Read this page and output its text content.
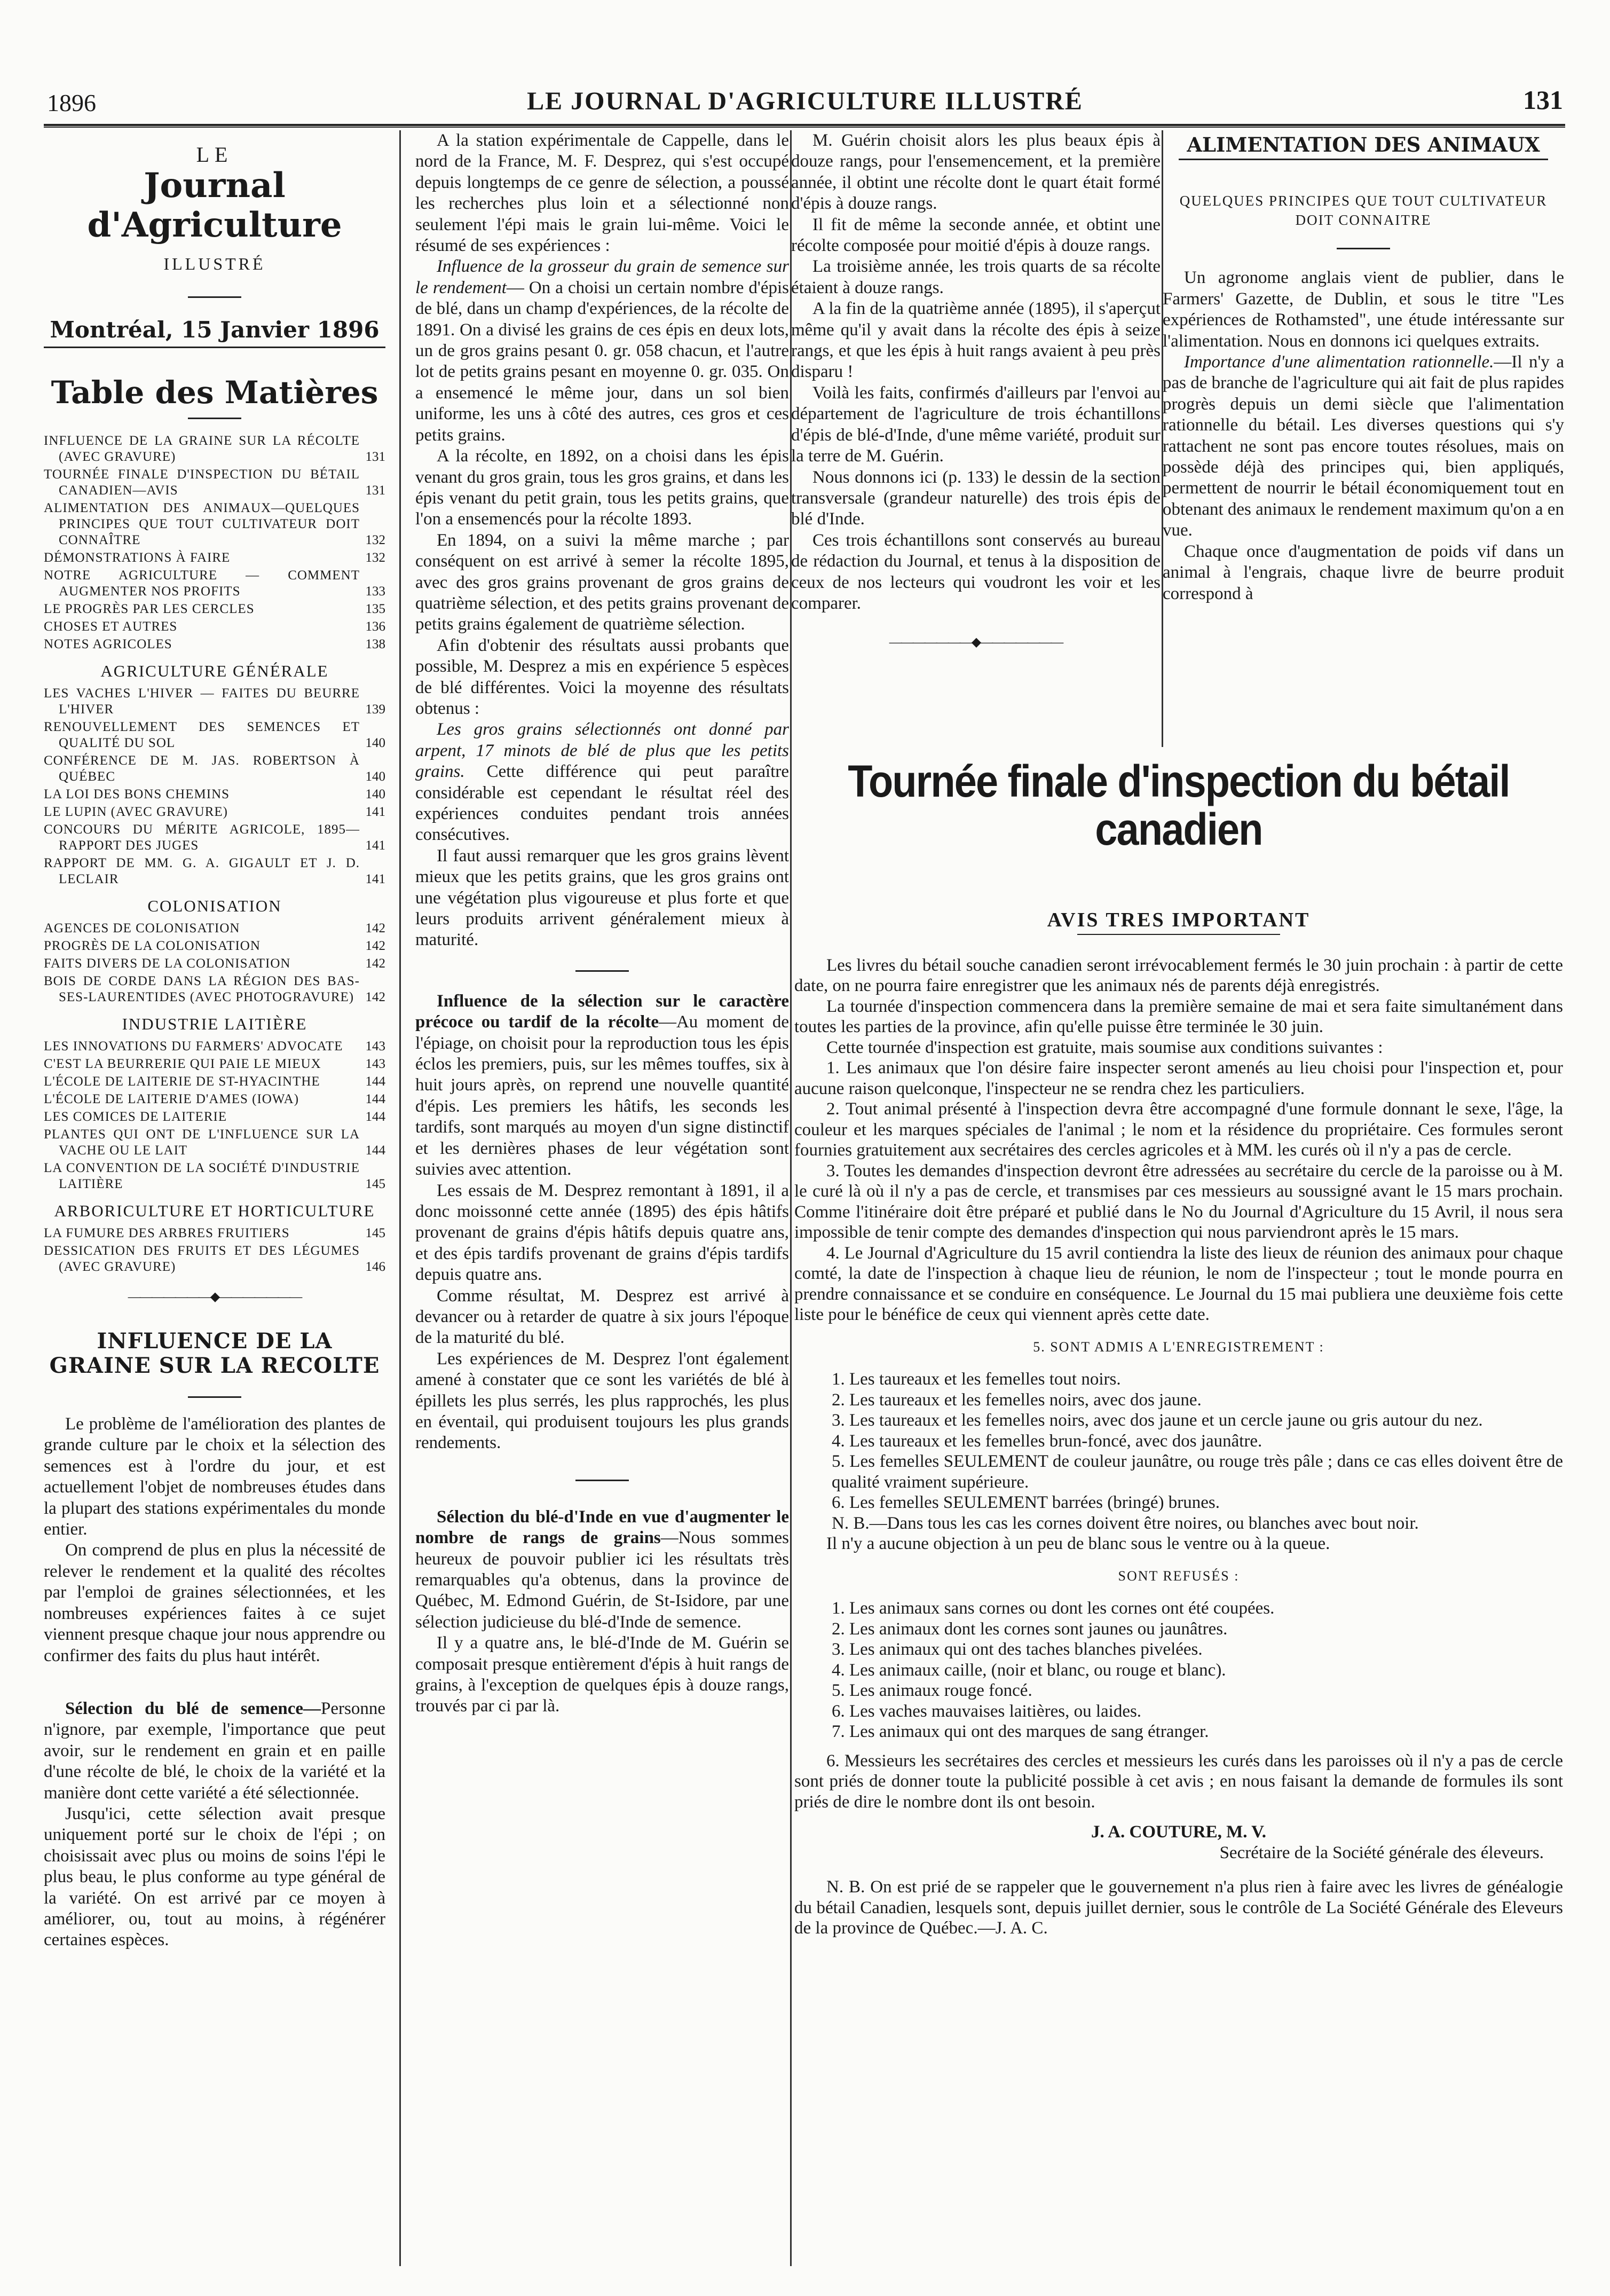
1896	LE JOURNAL D'AGRICULTURE ILLUSTRÉ	131
LE
Journal d'Agriculture
ILLUSTRÉ
Montréal, 15 Janvier 1896
Table des Matières
INFLUENCE DE LA GRAINE SUR LA RÉCOLTE (AVEC GRAVURE)	131
TOURNÉE FINALE D'INSPECTION DU BÉTAIL CANADIEN—AVIS	131
ALIMENTATION DES ANIMAUX—QUELQUES PRINCIPES QUE TOUT CULTIVATEUR DOIT CONNAÎTRE	132
DÉMONSTRATIONS À FAIRE	132
NOTRE AGRICULTURE — COMMENT AUGMENTER NOS PROFITS	133
LE PROGRÈS PAR LES CERCLES	135
CHOSES ET AUTRES	136
NOTES AGRICOLES	138
AGRICULTURE GÉNÉRALE
LES VACHES L'HIVER — FAITES DU BEURRE L'HIVER	139
RENOUVELLEMENT DES SEMENCES ET QUALITÉ DU SOL	140
CONFÉRENCE DE M. JAS. ROBERTSON À QUÉBEC	140
LA LOI DES BONS CHEMINS	140
LE LUPIN (AVEC GRAVURE)	141
CONCOURS DU MÉRITE AGRICOLE, 1895—RAPPORT DES JUGES	141
RAPPORT DE MM. G. A. GIGAULT ET J. D. LECLAIR	141
COLONISATION
AGENCES DE COLONISATION	142
PROGRÈS DE LA COLONISATION	142
FAITS DIVERS DE LA COLONISATION	142
BOIS DE CORDE DANS LA RÉGION DES BAS-SES-LAURENTIDES (AVEC PHOTOGRAVURE) 142
INDUSTRIE LAITIÈRE
LES INNOVATIONS DU FARMERS' ADVOCATE	143
C'EST LA BEURRERIE QUI PAIE LE MIEUX	143
L'ÉCOLE DE LAITERIE DE ST-HYACINTHE	144
L'ÉCOLE DE LAITERIE D'AMES (IOWA)	144
LES COMICES DE LAITERIE	144
PLANTES QUI ONT DE L'INFLUENCE SUR LA VACHE OU LE LAIT	144
LA CONVENTION DE LA SOCIÉTÉ D'INDUSTRIE LAITIÈRE	145
ARBORICULTURE ET HORTICULTURE
LA FUMURE DES ARBRES FRUITIERS	145
DESSICATION DES FRUITS ET DES LÉGUMES (AVEC GRAVURE)	146
———————◆———————
INFLUENCE DE LA GRAINE SUR LA RECOLTE

Le problème de l'amélioration des plantes de grande culture par le choix et la sélection des semences est à l'ordre du jour, et est actuellement l'objet de nombreuses études dans la plupart des stations expérimentales du monde entier.

On comprend de plus en plus la nécessité de relever le rendement et la qualité des récoltes par l'emploi de graines sélectionnées, et les nombreuses expériences faites à ce sujet viennent presque chaque jour nous apprendre ou confirmer des faits du plus haut intérêt.

Sélection du blé de semence—Personne n'ignore, par exemple, l'importance que peut avoir, sur le rendement en grain et en paille d'une récolte de blé, le choix de la variété et la manière dont cette variété a été sélectionnée.

Jusqu'ici, cette sélection avait presque uniquement porté sur le choix de l'épi ; on choisissait avec plus ou moins de soins l'épi le plus beau, le plus conforme au type général de la variété. On est arrivé par ce moyen à améliorer, ou, tout au moins, à régénérer certaines espèces.

A la station expérimentale de Cappelle, dans le nord de la France, M. F. Desprez, qui s'est occupé depuis longtemps de ce genre de sélection, a poussé les recherches plus loin et a sélectionné non seulement l'épi mais le grain lui-même. Voici le résumé de ses expériences :

Influence de la grosseur du grain de semence sur le rendement— On a choisi un certain nombre d'épis de blé, dans un champ d'expériences, de la récolte de 1891. On a divisé les grains de ces épis en deux lots, un de gros grains pesant 0. gr. 058 chacun, et l'autre lot de petits grains pesant en moyenne 0. gr. 035. On a ensemencé le même jour, dans un sol bien uniforme, les uns à côté des autres, ces gros et ces petits grains.

A la récolte, en 1892, on a choisi dans les épis venant du gros grain, tous les gros grains, et dans les épis venant du petit grain, tous les petits grains, que l'on a ensemencés pour la récolte 1893.

En 1894, on a suivi la même marche ; par conséquent on est arrivé à semer la récolte 1895, avec des gros grains provenant de gros grains de quatrième sélection, et des petits grains provenant de petits grains également de quatrième sélection.

Afin d'obtenir des résultats aussi probants que possible, M. Desprez a mis en expérience 5 espèces de blé différentes. Voici la moyenne des résultats obtenus :

Les gros grains sélectionnés ont donné par arpent, 17 minots de blé de plus que les petits grains. Cette différence qui peut paraître considérable est cependant le résultat réel des expériences conduites pendant trois années consécutives.

Il faut aussi remarquer que les gros grains lèvent mieux que les petits grains, que les gros grains ont une végétation plus vigoureuse et plus forte et que leurs produits arrivent généralement mieux à maturité.

Influence de la sélection sur le caractère précoce ou tardif de la récolte—Au moment de l'épiage, on choisit pour la reproduction tous les épis éclos les premiers, puis, sur les mêmes touffes, six à huit jours après, on reprend une nouvelle quantité d'épis. Les premiers les hâtifs, les seconds les tardifs, sont marqués au moyen d'un signe distinctif et les dernières phases de leur végétation sont suivies avec attention.

Les essais de M. Desprez remontant à 1891, il a donc moissonné cette année (1895) des épis hâtifs provenant de grains d'épis hâtifs depuis quatre ans, et des épis tardifs provenant de grains d'épis tardifs depuis quatre ans.

Comme résultat, M. Desprez est arrivé à devancer ou à retarder de quatre à six jours l'époque de la maturité du blé.

Les expériences de M. Desprez l'ont également amené à constater que ce sont les variétés de blé à épillets les plus serrés, les plus rapprochés, les plus en éventail, qui produisent toujours les plus grands rendements.

Sélection du blé-d'Inde en vue d'augmenter le nombre de rangs de grains—Nous sommes heureux de pouvoir publier ici les résultats très remarquables qu'a obtenus, dans la province de Québec, M. Edmond Guérin, de St-Isidore, par une sélection judicieuse du blé-d'Inde de semence.

Il y a quatre ans, le blé-d'Inde de M. Guérin se composait presque entièrement d'épis à huit rangs de grains, à l'exception de quelques épis à douze rangs, trouvés par ci par là.

M. Guérin choisit alors les plus beaux épis à douze rangs, pour l'ensemencement, et la première année, il obtint une récolte dont le quart était formé d'épis à douze rangs.

Il fit de même la seconde année, et obtint une récolte composée pour moitié d'épis à douze rangs.

La troisième année, les trois quarts de sa récolte étaient à douze rangs.

A la fin de la quatrième année (1895), il s'aperçut même qu'il y avait dans la récolte des épis à seize rangs, et que les épis à huit rangs avaient à peu près disparu !

Voilà les faits, confirmés d'ailleurs par l'envoi au département de l'agriculture de trois échantillons d'épis de blé-d'Inde, d'une même variété, produit sur la terre de M. Guérin.

Nous donnons ici (p. 133) le dessin de la section transversale (grandeur naturelle) des trois épis de blé d'Inde.

Ces trois échantillons sont conservés au bureau de rédaction du Journal, et tenus à la disposition de ceux de nos lecteurs qui voudront les voir et les comparer.

———————◆———————
ALIMENTATION DES ANIMAUX
QUELQUES PRINCIPES QUE TOUT CULTIVATEUR DOIT CONNAITRE

Un agronome anglais vient de publier, dans le Farmers' Gazette, de Dublin, et sous le titre "Les expériences de Rothamsted", une étude intéressante sur l'alimentation. Nous en donnons ici quelques extraits.

Importance d'une alimentation rationnelle.—Il n'y a pas de branche de l'agriculture qui ait fait de plus rapides progrès depuis un demi siècle que l'alimentation rationnelle du bétail. Les diverses questions qui s'y rattachent ne sont pas encore toutes résolues, mais on possède déjà des principes qui, bien appliqués, permettent de nourrir le bétail économiquement tout en obtenant des animaux le rendement maximum qu'on a en vue.

Chaque once d'augmentation de poids vif dans un animal à l'engrais, chaque livre de beurre produit correspond à

Tournée finale d'inspection du bétail canadien
AVIS TRES IMPORTANT

Les livres du bétail souche canadien seront irrévocablement fermés le 30 juin prochain : à partir de cette date, on ne pourra faire enregistrer que les animaux nés de parents déjà enregistrés.

La tournée d'inspection commencera dans la première semaine de mai et sera faite simultanément dans toutes les parties de la province, afin qu'elle puisse être terminée le 30 juin.

Cette tournée d'inspection est gratuite, mais soumise aux conditions suivantes :

1. Les animaux que l'on désire faire inspecter seront amenés au lieu choisi pour l'inspection et, pour aucune raison quelconque, l'inspecteur ne se rendra chez les particuliers.

2. Tout animal présenté à l'inspection devra être accompagné d'une formule donnant le sexe, l'âge, la couleur et les marques spéciales de l'animal ; le nom et la résidence du propriétaire. Ces formules seront fournies gratuitement aux secrétaires des cercles agricoles et à MM. les curés où il n'y a pas de cercle.

3. Toutes les demandes d'inspection devront être adressées au secrétaire du cercle de la paroisse ou à M. le curé là où il n'y a pas de cercle, et transmises par ces messieurs au soussigné avant le 15 mars prochain. Comme l'itinéraire doit être préparé et publié dans le No du Journal d'Agriculture du 15 Avril, il nous sera impossible de tenir compte des demandes d'inspection qui nous parviendront après le 15 mars.

4. Le Journal d'Agriculture du 15 avril contiendra la liste des lieux de réunion des animaux pour chaque comté, la date de l'inspection à chaque lieu de réunion, le nom de l'inspecteur ; tout le monde pourra en prendre connaissance et se conduire en conséquence. Le Journal du 15 mai publiera une deuxième fois cette liste pour le bénéfice de ceux qui viennent après cette date.

5. SONT ADMIS A L'ENREGISTREMENT :

1. Les taureaux et les femelles tout noirs.

2. Les taureaux et les femelles noirs, avec dos jaune.

3. Les taureaux et les femelles noirs, avec dos jaune et un cercle jaune ou gris autour du nez.

4. Les taureaux et les femelles brun-foncé, avec dos jaunâtre.

5. Les femelles SEULEMENT de couleur jaunâtre, ou rouge très pâle ; dans ce cas elles doivent être de qualité vraiment supérieure.

6. Les femelles SEULEMENT barrées (bringé) brunes.

N. B.—Dans tous les cas les cornes doivent être noires, ou blanches avec bout noir.

Il n'y a aucune objection à un peu de blanc sous le ventre ou à la queue.

SONT REFUSÉS :

1. Les animaux sans cornes ou dont les cornes ont été coupées.

2. Les animaux dont les cornes sont jaunes ou jaunâtres.

3. Les animaux qui ont des taches blanches pivelées.

4. Les animaux caille, (noir et blanc, ou rouge et blanc).

5. Les animaux rouge foncé.

6. Les vaches mauvaises laitières, ou laides.

7. Les animaux qui ont des marques de sang étranger.

6. Messieurs les secrétaires des cercles et messieurs les curés dans les paroisses où il n'y a pas de cercle sont priés de donner toute la publicité possible à cet avis ; en nous faisant la demande de formules ils sont priés de dire le nombre dont ils ont besoin.

J. A. COUTURE, M. V.

Secrétaire de la Société générale des éleveurs.

N. B. On est prié de se rappeler que le gouvernement n'a plus rien à faire avec les livres de généalogie du bétail Canadien, lesquels sont, depuis juillet dernier, sous le contrôle de La Société Générale des Eleveurs de la province de Québec.—J. A. C.
